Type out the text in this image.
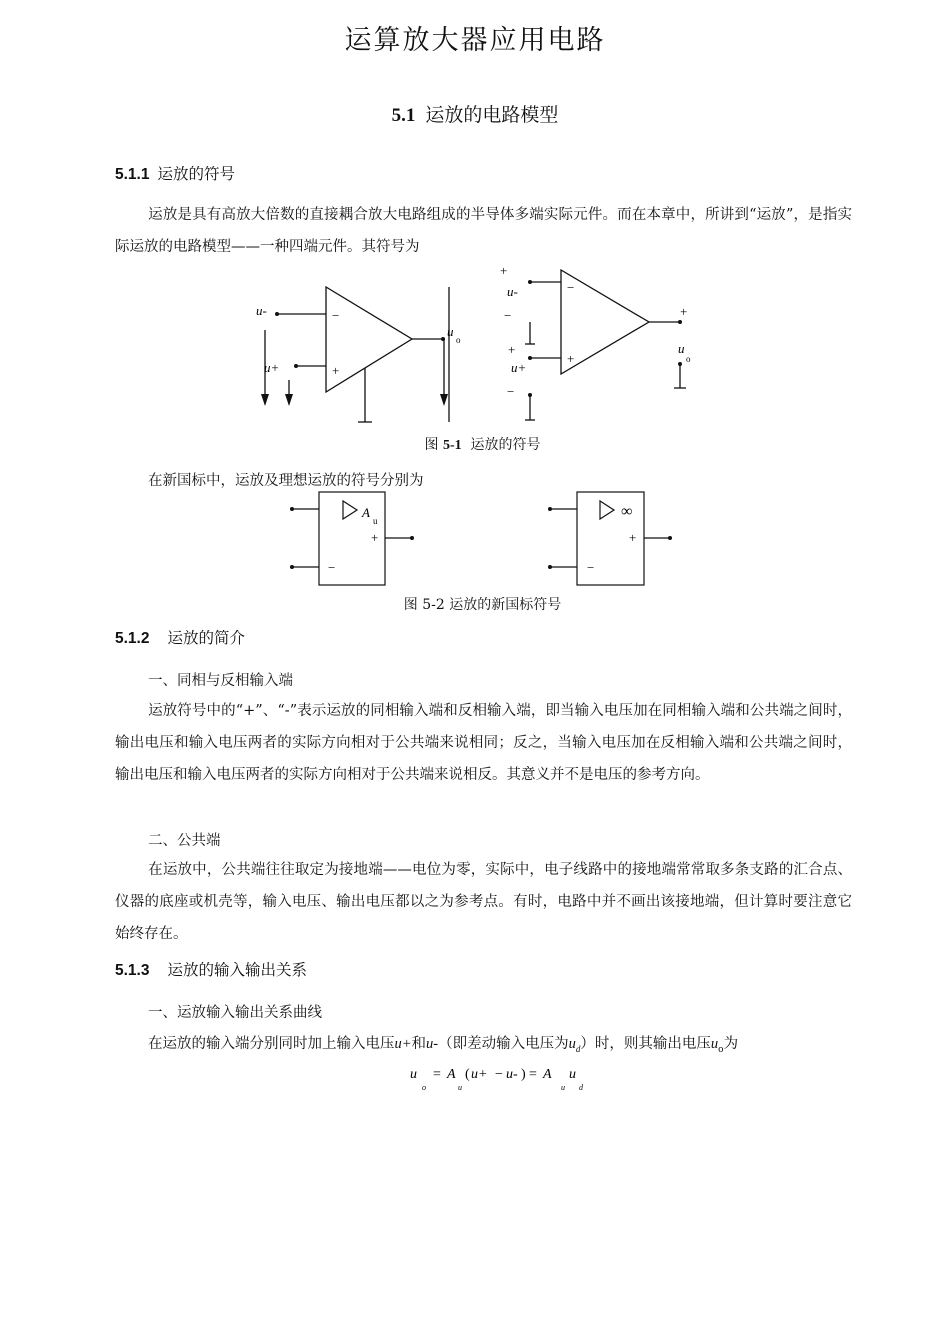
运算放大器应用电路
5.1 运放的电路模型
5.1.1 运放的符号
运放是具有高放大倍数的直接耦合放大电路组成的半导体多端实际元件。而在本章中，所讲到“运放”，是指实际运放的电路模型——一种四端元件。其符号为
u-
u+
−
+
u
o
+
u-
−
−
+
+
u+
−
+
u
o
图 5-1 运放的符号
在新国标中，运放及理想运放的符号分别为
A
u
+
−
∞
+
−
图 5-2 运放的新国标符号
5.1.2 运放的简介
一、同相与反相输入端
运放符号中的“+”、“-”表示运放的同相输入端和反相输入端，即当输入电压加在同相输入端和公共端之间时，输出电压和输入电压两者的实际方向相对于公共端来说相同；反之，当输入电压加在反相输入端和公共端之间时，输出电压和输入电压两者的实际方向相对于公共端来说相反。其意义并不是电压的参考方向。
二、公共端
在运放中，公共端往往取定为接地端——电位为零，实际中，电子线路中的接地端常常取多条支路的汇合点、仪器的底座或机壳等，输入电压、输出电压都以之为参考点。有时，电路中并不画出该接地端，但计算时要注意它始终存在。
5.1.3 运放的输入输出关系
一、运放输入输出关系曲线
在运放的输入端分别同时加上输入电压u+和u-（即差动输入电压为$u_d$）时，则其输出电压$u_o$为
u
o
= A
u
( u+ − u- ) = A
u
u
d
